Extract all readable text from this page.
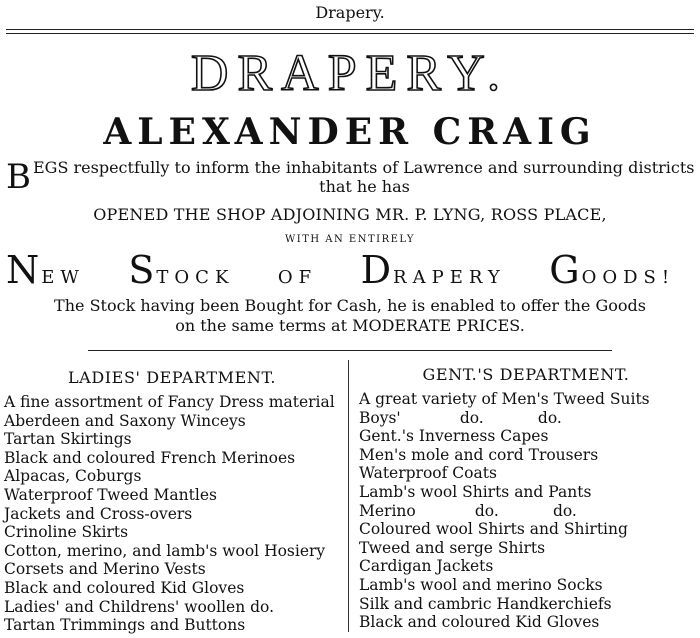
Drapery.
DRAPERY.
ALEXANDER CRAIG
B EGS respectfully to inform the inhabitants of Lawrence and surrounding districts
that he has
OPENED THE SHOP ADJOINING MR. P. LYNG, ROSS PLACE,
WITH AN ENTIRELY
NEW STOCK OF DRAPERY GOODS!
The Stock having been Bought for Cash, he is enabled to offer the Goods
on the same terms at MODERATE PRICES.
LADIES' DEPARTMENT.
A fine assortment of Fancy Dress material
Aberdeen and Saxony Winceys
Tartan Skirtings
Black and coloured French Merinoes
Alpacas, Coburgs
Waterproof Tweed Mantles
Jackets and Cross-overs
Crinoline Skirts
Cotton, merino, and lamb's wool Hosiery
Corsets and Merino Vests
Black and coloured Kid Gloves
Ladies' and Childrens' woollen do.
Tartan Trimmings and Buttons
GENT.'S DEPARTMENT.
A great variety of Men's Tweed Suits
Boys'            do.           do.
Gent.'s Inverness Capes
Men's mole and cord Trousers
Waterproof Coats
Lamb's wool Shirts and Pants
Merino            do.           do.
Coloured wool Shirts and Shirting
Tweed and serge Shirts
Cardigan Jackets
Lamb's wool and merino Socks
Silk and cambric Handkerchiefs
Black and coloured Kid Gloves
